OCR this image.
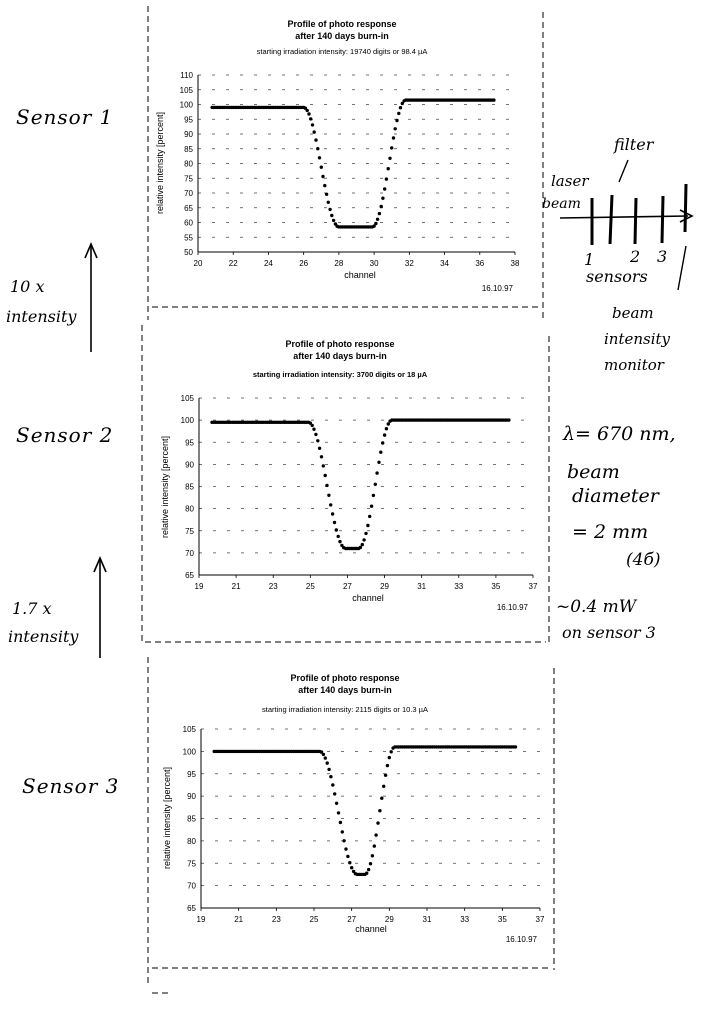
Profile of photo response
after 140 days burn-in
starting irradiation intensity: 19740 digits or 98.4 µA
20	22	24	26	28	30	32	34	36	38
50
55
60
65
70
75
80
85
90
95
100
105
110
channel
relative intensity [percent]
16.10.97
Profile of photo response
after 140 days burn-in
starting irradiation intensity: 3700 digits or 18 µA
19	21	23	25	27	29	31	33	35	37
65
70
75
80
85
90
95
100
105
channel
relative intensity [percent]
16.10.97
Profile of photo response
after 140 days burn-in
starting irradiation intensity: 2115 digits or 10.3 µA
19	21	23	25	27	29	31	33	35	37
65
70
75
80
85
90
95
100
105
channel
relative intensity [percent]
16.10.97
Sensor 1
Sensor 2
Sensor 3
10 x
intensity
1.7 x
intensity
filter
laser
beam
1 2 3
sensors
beam
intensity
monitor
λ= 670 nm,
beam
diameter
= 2 mm
(4б)
~0.4 mW
on sensor 3
